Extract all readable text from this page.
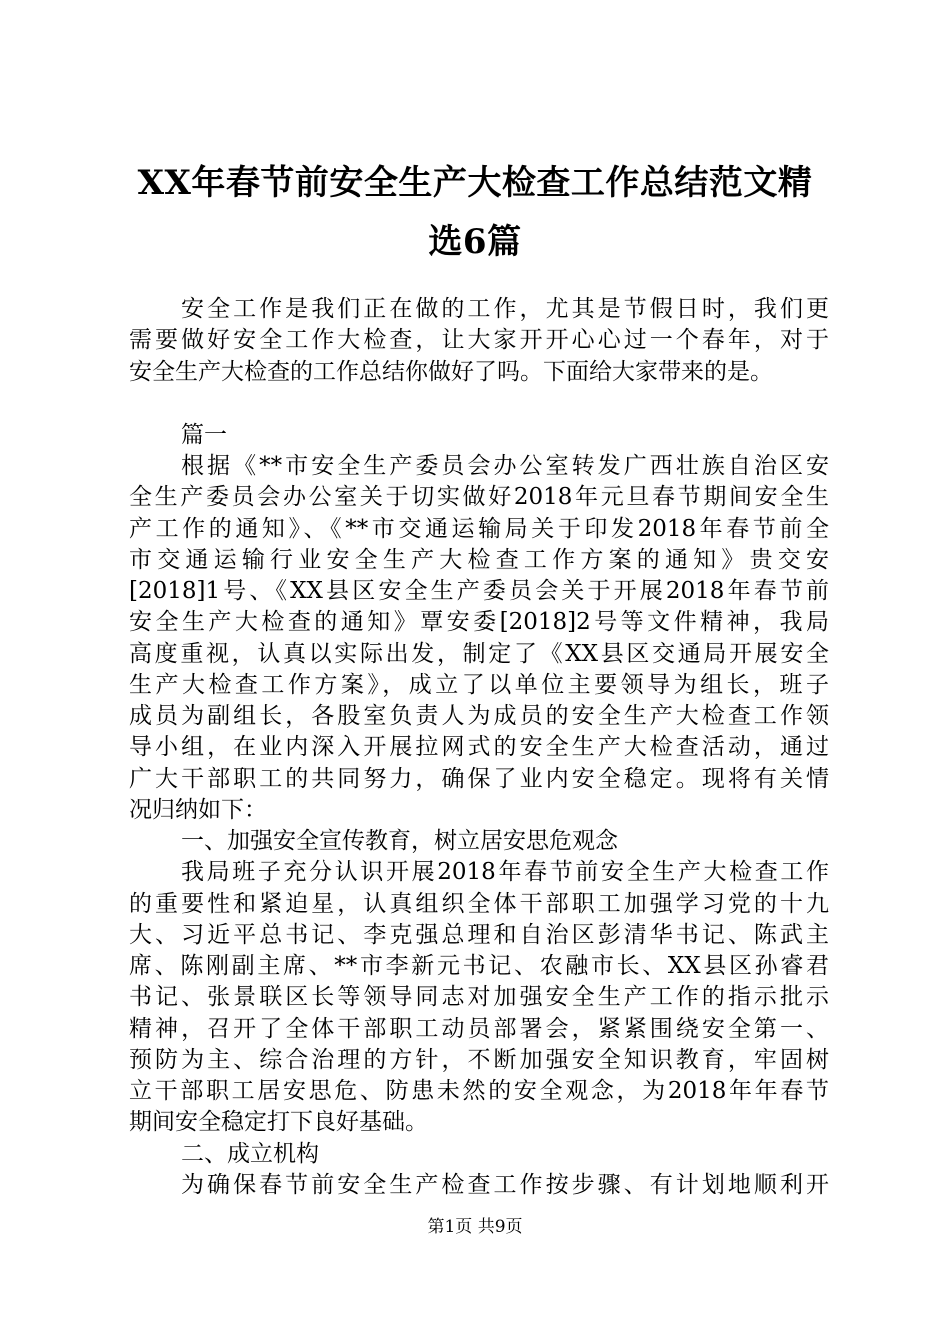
XX年春节前安全生产大检查工作总结范文精
选6篇
安全工作是我们正在做的工作，尤其是节假日时，我们更
需要做好安全工作大检查，让大家开开心心过一个春年，对于
安全生产大检查的工作总结你做好了吗。下面给大家带来的是。
篇一
根据《**市安全生产委员会办公室转发广西壮族自治区安
全生产委员会办公室关于切实做好2018年元旦春节期间安全生
产工作的通知》、《**市交通运输局关于印发2018年春节前全
市交通运输行业安全生产大检查工作方案的通知》贵交安
[2018]1号、《XX县区安全生产委员会关于开展2018年春节前
安全生产大检查的通知》覃安委[2018]2号等文件精神，我局
高度重视，认真以实际出发，制定了《XX县区交通局开展安全
生产大检查工作方案》，成立了以单位主要领导为组长，班子
成员为副组长，各股室负责人为成员的安全生产大检查工作领
导小组，在业内深入开展拉网式的安全生产大检查活动，通过
广大干部职工的共同努力，确保了业内安全稳定。现将有关情
况归纳如下：
一、加强安全宣传教育，树立居安思危观念
我局班子充分认识开展2018年春节前安全生产大检查工作
的重要性和紧迫星，认真组织全体干部职工加强学习党的十九
大、习近平总书记、李克强总理和自治区彭清华书记、陈武主
席、陈刚副主席、**市李新元书记、农融市长、XX县区孙睿君
书记、张景联区长等领导同志对加强安全生产工作的指示批示
精神，召开了全体干部职工动员部署会，紧紧围绕安全第一、
预防为主、综合治理的方针，不断加强安全知识教育，牢固树
立干部职工居安思危、防患未然的安全观念，为2018年年春节
期间安全稳定打下良好基础。
二、成立机构
为确保春节前安全生产检查工作按步骤、有计划地顺利开
第1页 共9页
